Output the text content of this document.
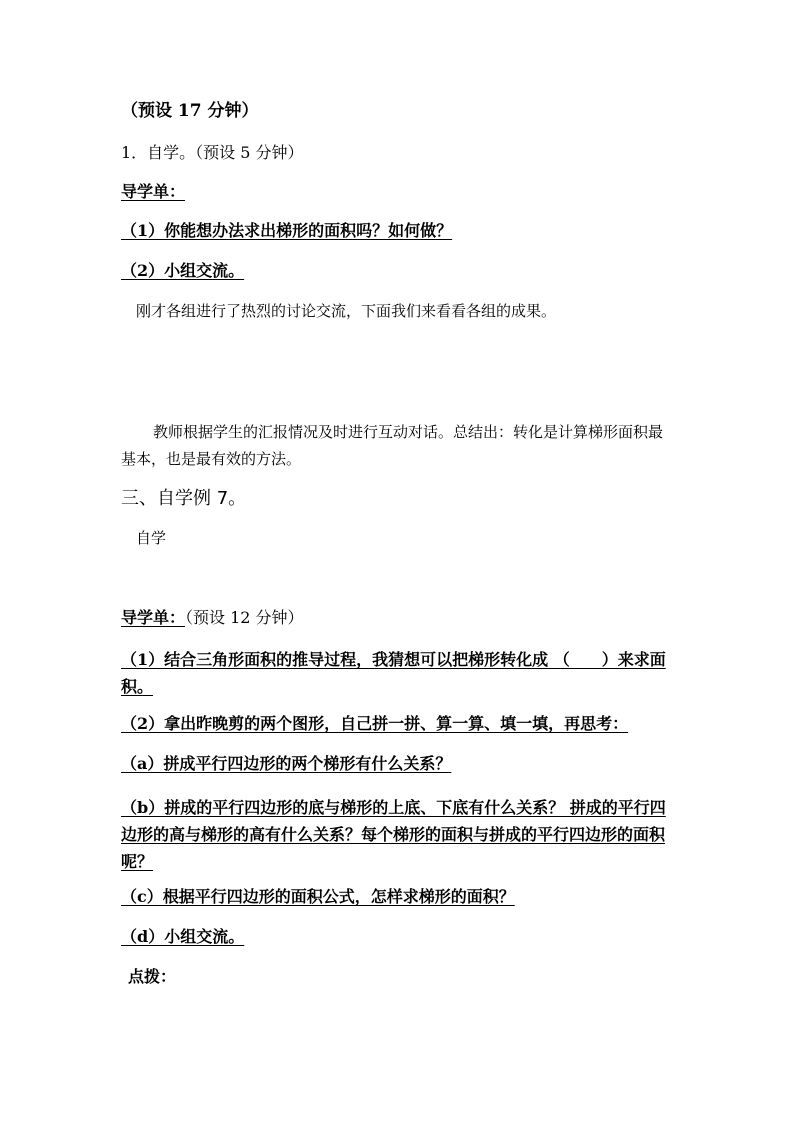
（预设 17 分钟）
1．自学。（预设 5 分钟）
导学单：
（1）你能想办法求出梯形的面积吗？如何做？
（2）小组交流。
刚才各组进行了热烈的讨论交流，下面我们来看看各组的成果。
教师根据学生的汇报情况及时进行互动对话。总结出：转化是计算梯形面积最基本，也是最有效的方法。
三、自学例 7。
自学
导学单：（预设 12 分钟）
（1）结合三角形面积的推导过程，我猜想可以把梯形转化成 （　　）来求面积。
（2）拿出昨晚剪的两个图形，自己拼一拼、算一算、填一填，再思考：
（a）拼成平行四边形的两个梯形有什么关系？
（b）拼成的平行四边形的底与梯形的上底、下底有什么关系？ 拼成的平行四边形的高与梯形的高有什么关系？每个梯形的面积与拼成的平行四边形的面积呢？
（c）根据平行四边形的面积公式，怎样求梯形的面积？
（d）小组交流。
点拨：
